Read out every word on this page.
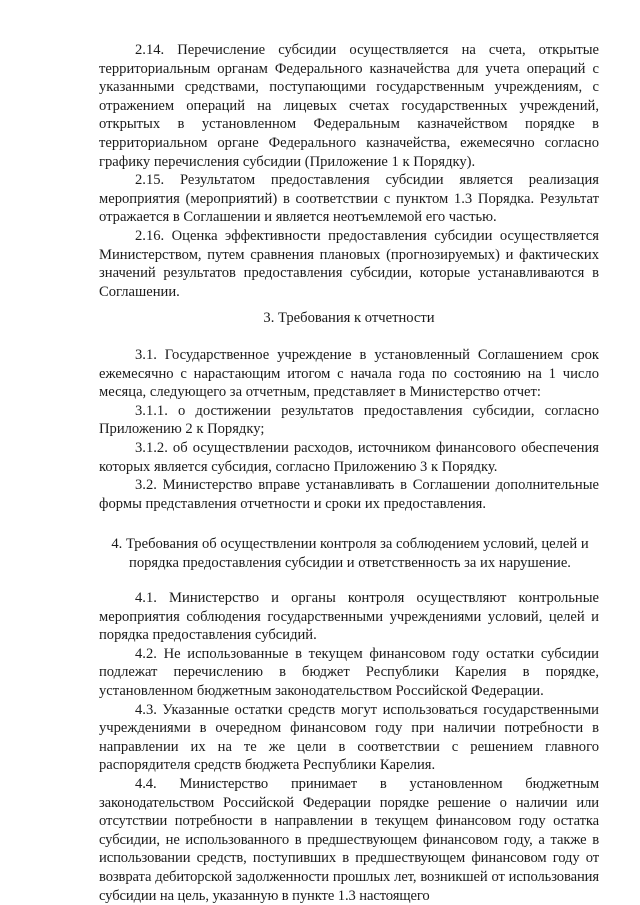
2.14. Перечисление субсидии осуществляется на счета, открытые территориальным органам Федерального казначейства для учета операций с указанными средствами, поступающими государственным учреждениям, с отражением операций на лицевых счетах государственных учреждений, открытых в установленном Федеральным казначейством порядке в территориальном органе Федерального казначейства, ежемесячно согласно графику перечисления субсидии (Приложение 1 к Порядку).

2.15. Результатом предоставления субсидии является реализация мероприятия (мероприятий) в соответствии с пунктом 1.3 Порядка. Результат отражается в Соглашении и является неотъемлемой его частью.

2.16. Оценка эффективности предоставления субсидии осуществляется Министерством, путем сравнения плановых (прогнозируемых) и фактических значений результатов предоставления субсидии, которые устанавливаются в Соглашении.

3. Требования к отчетности

3.1. Государственное учреждение в установленный Соглашением срок ежемесячно с нарастающим итогом с начала года по состоянию на 1 число месяца, следующего за отчетным, представляет в Министерство отчет:

3.1.1. о достижении результатов предоставления субсидии, согласно Приложению 2 к Порядку;

3.1.2. об осуществлении расходов, источником финансового обеспечения которых является субсидия, согласно Приложению 3 к Порядку.

3.2. Министерство вправе устанавливать в Соглашении дополнительные формы представления отчетности и сроки их предоставления.

4. Требования об осуществлении контроля за соблюдением условий, целей и

порядка предоставления субсидии и ответственность за их нарушение.

4.1. Министерство и органы контроля осуществляют контрольные мероприятия соблюдения государственными учреждениями условий, целей и порядка предоставления субсидий.

4.2. Не использованные в текущем финансовом году остатки субсидии подлежат перечислению в бюджет Республики Карелия в порядке, установленном бюджетным законодательством Российской Федерации.

4.3. Указанные остатки средств могут использоваться государственными учреждениями в очередном финансовом году при наличии потребности в направлении их на те же цели в соответствии с решением главного распорядителя средств бюджета Республики Карелия.

4.4. Министерство принимает в установленном бюджетным законодательством Российской Федерации порядке решение о наличии или отсутствии потребности в направлении в текущем финансовом году остатка субсидии, не использованного в предшествующем финансовом году, а также в использовании средств, поступивших в предшествующем финансовом году от возврата дебиторской задолженности прошлых лет, возникшей от использования субсидии на цель, указанную в пункте 1.3 настоящего
